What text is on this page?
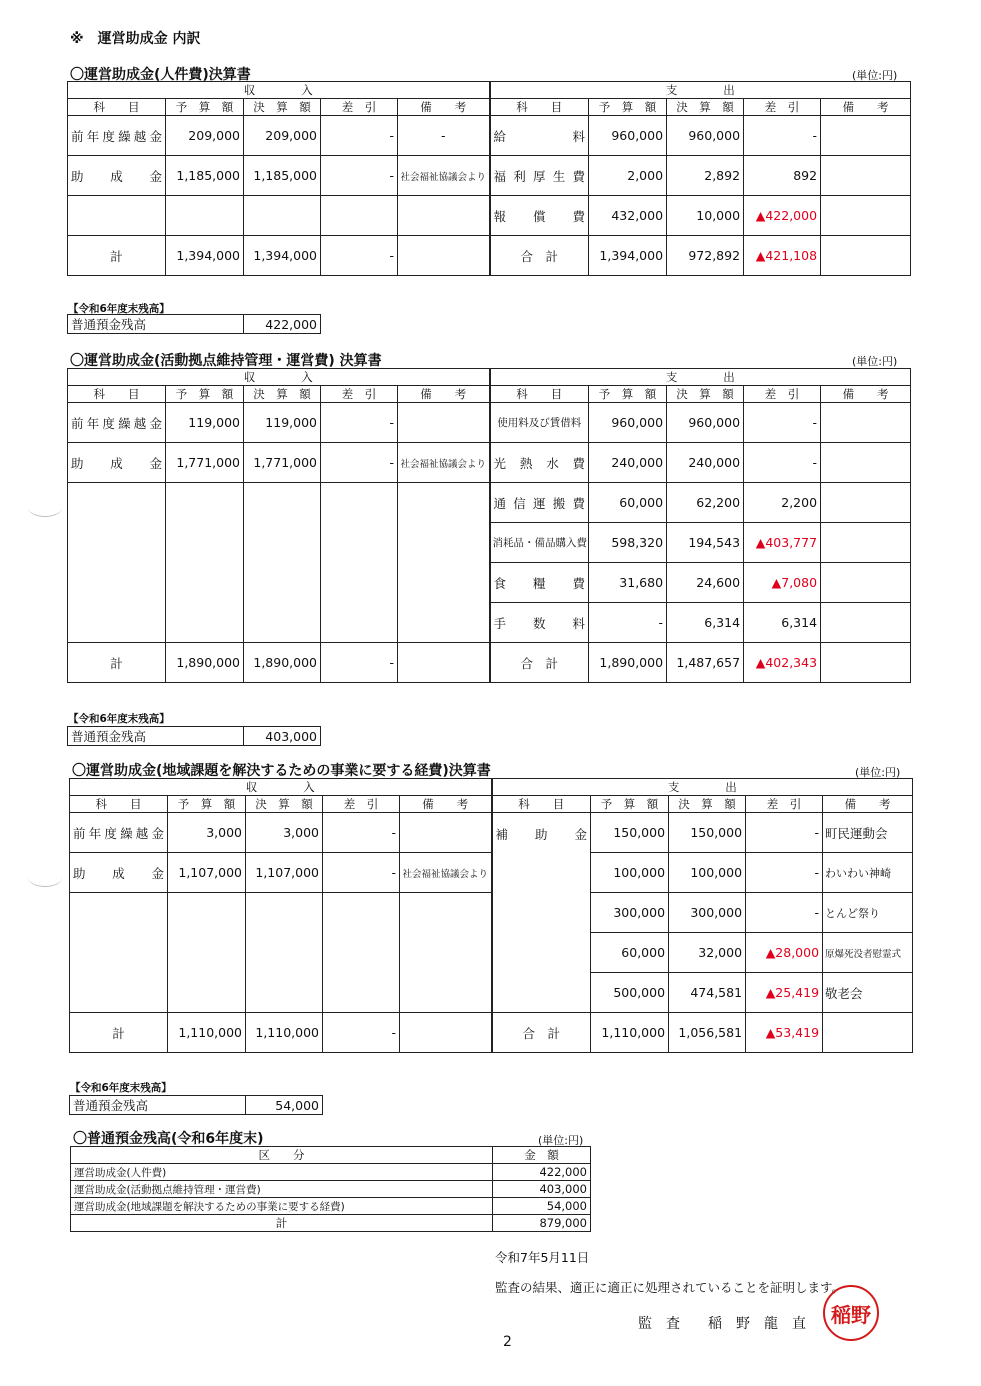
※　運営助成金 内訳
〇運営助成金(人件費)決算書	(単位:円)
収　　　　入					支　　　　出				
科　　目	予　算　額	決　算　額	差　引	備　　考	科　　目	予　算　額	決　算　額	差　引	備　　考
前年度繰越金	209,000	209,000	-	-	給料	960,000	960,000	-	
助成金	1,185,000	1,185,000	-	社会福祉協議会より	福利厚生費	2,000	2,892	892	
					報償費	432,000	10,000	▲422,000	
計	1,394,000	1,394,000	-		合　計	1,394,000	972,892	▲421,108	
【令和6年度末残高】
普通預金残高	422,000
〇運営助成金(活動拠点維持管理・運営費) 決算書	(単位:円)
収　　　　入					支　　　　出				
科　　目	予　算　額	決　算　額	差　引	備　　考	科　　目	予　算　額	決　算　額	差　引	備　　考
前年度繰越金	119,000	119,000	-		使用料及び賃借料	960,000	960,000	-	
助成金	1,771,000	1,771,000	-	社会福祉協議会より	光熱水費	240,000	240,000	-	
					通信運搬費	60,000	62,200	2,200	
					消耗品・備品購入費	598,320	194,543	▲403,777	
					食糧費	31,680	24,600	▲7,080	
					手数料	-	6,314	6,314	
計	1,890,000	1,890,000	-		合　計	1,890,000	1,487,657	▲402,343	
【令和6年度末残高】
普通預金残高	403,000
〇運営助成金(地域課題を解決するための事業に要する経費)決算書	(単位:円)
収　　　　入					支　　　　出				
科　　目	予　算　額	決　算　額	差　引	備　　考	科　　目	予　算　額	決　算　額	差　引	備　　考
前年度繰越金	3,000	3,000	-		補助金	150,000	150,000	-	町民運動会
助成金	1,107,000	1,107,000	-	社会福祉協議会より		100,000	100,000	-	わいわい神崎
						300,000	300,000	-	とんど祭り
						60,000	32,000	▲28,000	原爆死没者慰霊式
						500,000	474,581	▲25,419	敬老会
計	1,110,000	1,110,000	-		合　計	1,110,000	1,056,581	▲53,419	
【令和6年度末残高】
普通預金残高	54,000
〇普通預金残高(令和6年度末)	(単位:円)
区　　分	金　額
運営助成金(人件費)	422,000
運営助成金(活動拠点維持管理・運営費)	403,000
運営助成金(地域課題を解決するための事業に要する経費)	54,000
計	879,000
令和7年5月11日
監査の結果、適正に適正に処理されていることを証明します。
監　査　　稲　野　龍　直 稲野
2
